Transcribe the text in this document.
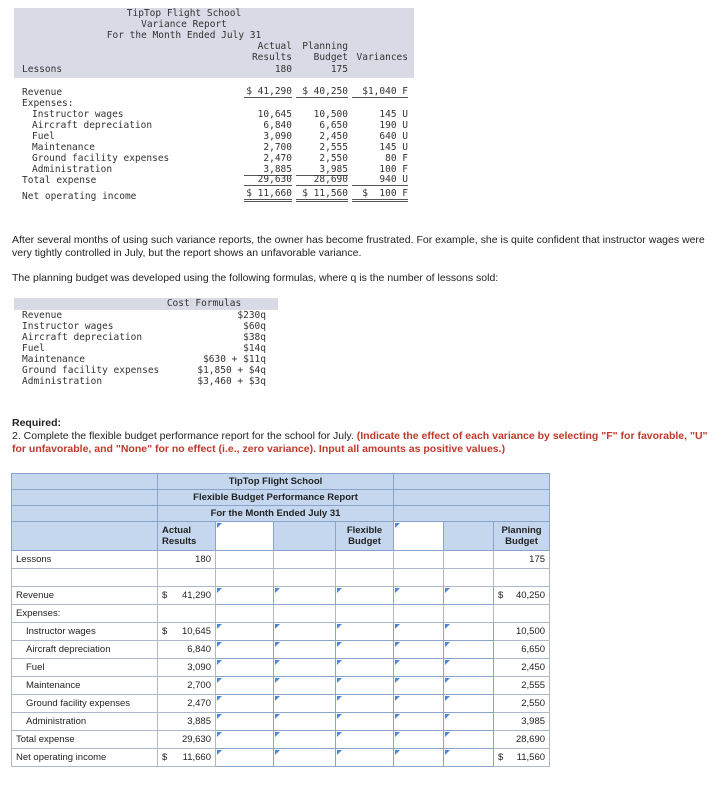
TipTop Flight School
Variance Report
For the Month Ended July 31
Actual
Results
Planning
Budget Variances
Lessons	180	175
Revenue	$ 41,290	$ 40,250	$1,040 F
Expenses:
Instructor wages	10,645	10,500	145 U
Aircraft depreciation	6,840	6,650	190 U
Fuel	3,090	2,450	640 U
Maintenance	2,700	2,555	145 U
Ground facility expenses	2,470	2,550	80 F
Administration	3,885	3,985	100 F
Total expense	29,630	28,690	940 U
Net operating income	$ 11,660	$ 11,560	$  100 F
After several months of using such variance reports, the owner has become frustrated. For example, she is quite confident that instructor wages were very tightly controlled in July, but the report shows an unfavorable variance.
The planning budget was developed using the following formulas, where q is the number of lessons sold:
Cost Formulas
Revenue	$230q
Instructor wages	$60q
Aircraft depreciation	$38q
Fuel	$14q
Maintenance	$630 + $11q
Ground facility expenses	$1,850 + $4q
Administration	$3,460 + $3q
Required:
2. Complete the flexible budget performance report for the school for July. (Indicate the effect of each variance by selecting "F" for favorable, "U" for unfavorable, and "None" for no effect (i.e., zero variance). Input all amounts as positive values.)
	TipTop Flight School						
	Flexible Budget Performance Report						
	For the Month Ended July 31						
	Actual Results			Flexible Budget			Planning Budget
Lessons	180						175

Revenue	$ 41,290						$ 40,250
Expenses:							
Instructor wages	$ 10,645						10,500
Aircraft depreciation	6,840						6,650
Fuel	3,090						2,450
Maintenance	2,700						2,555
Ground facility expenses	2,470						2,550
Administration	3,885						3,985
Total expense	29,630						28,690
Net operating income	$ 11,660						$ 11,560
